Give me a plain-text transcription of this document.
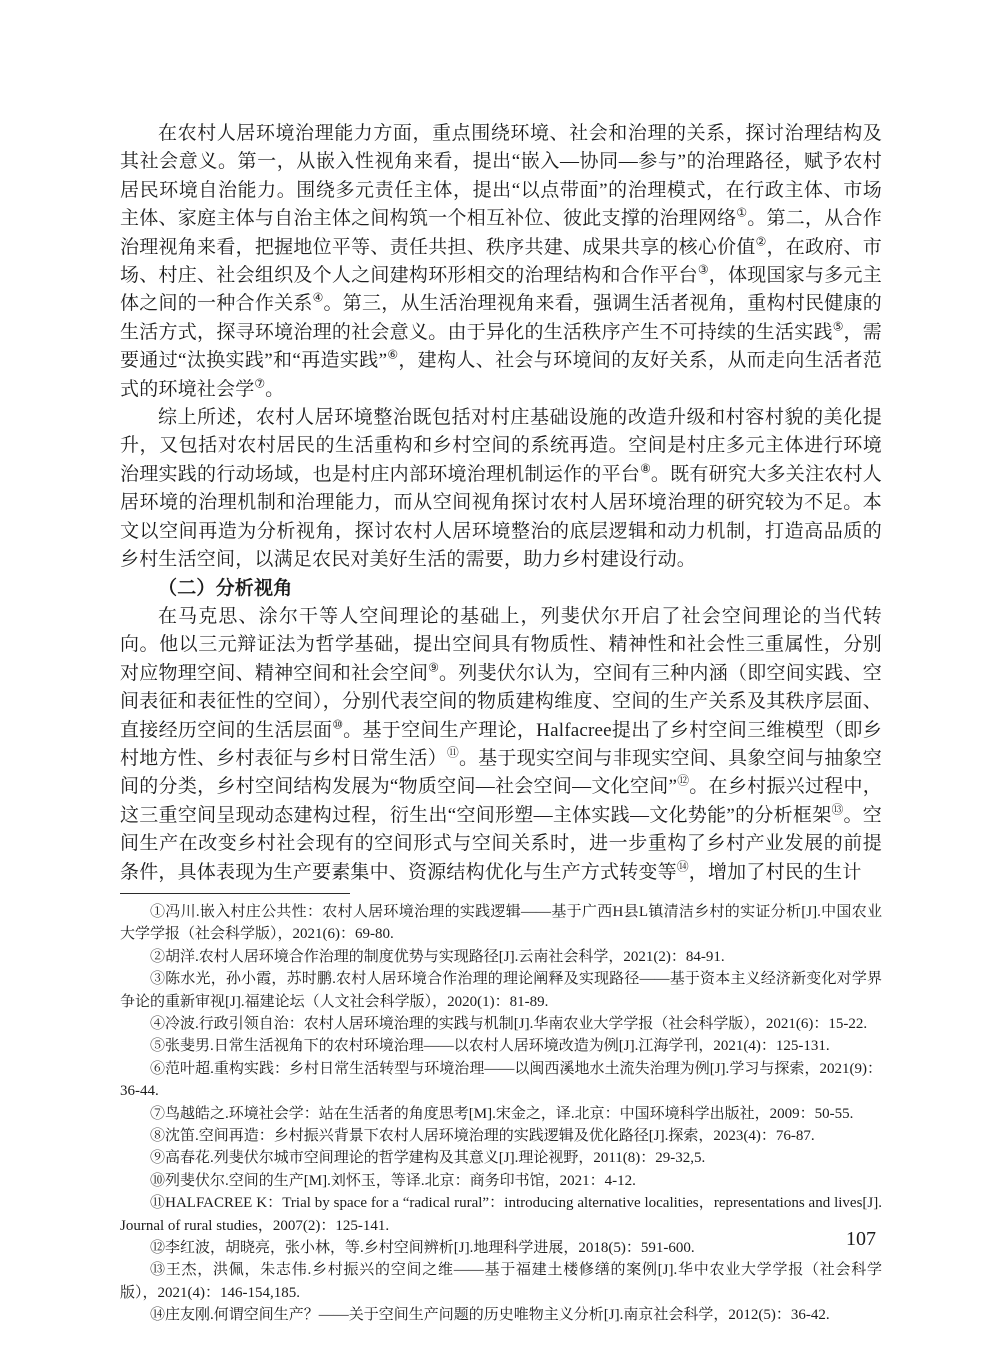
在农村人居环境治理能力方面，重点围绕环境、社会和治理的关系，探讨治理结构及其社会意义。第一，从嵌入性视角来看，提出“嵌入—协同—参与”的治理路径，赋予农村居民环境自治能力。围绕多元责任主体，提出“以点带面”的治理模式，在行政主体、市场主体、家庭主体与自治主体之间构筑一个相互补位、彼此支撑的治理网络①。第二，从合作治理视角来看，把握地位平等、责任共担、秩序共建、成果共享的核心价值②，在政府、市场、村庄、社会组织及个人之间建构环形相交的治理结构和合作平台③，体现国家与多元主体之间的一种合作关系④。第三，从生活治理视角来看，强调生活者视角，重构村民健康的生活方式，探寻环境治理的社会意义。由于异化的生活秩序产生不可持续的生活实践⑤，需要通过“汰换实践”和“再造实践”⑥，建构人、社会与环境间的友好关系，从而走向生活者范式的环境社会学⑦。

综上所述，农村人居环境整治既包括对村庄基础设施的改造升级和村容村貌的美化提升，又包括对农村居民的生活重构和乡村空间的系统再造。空间是村庄多元主体进行环境治理实践的行动场域，也是村庄内部环境治理机制运作的平台⑧。既有研究大多关注农村人居环境的治理机制和治理能力，而从空间视角探讨农村人居环境治理的研究较为不足。本文以空间再造为分析视角，探讨农村人居环境整治的底层逻辑和动力机制，打造高品质的乡村生活空间，以满足农民对美好生活的需要，助力乡村建设行动。

（二）分析视角

在马克思、涂尔干等人空间理论的基础上，列斐伏尔开启了社会空间理论的当代转向。他以三元辩证法为哲学基础，提出空间具有物质性、精神性和社会性三重属性，分别对应物理空间、精神空间和社会空间⑨。列斐伏尔认为，空间有三种内涵（即空间实践、空间表征和表征性的空间），分别代表空间的物质建构维度、空间的生产关系及其秩序层面、直接经历空间的生活层面⑩。基于空间生产理论，Halfacree提出了乡村空间三维模型（即乡村地方性、乡村表征与乡村日常生活）⑪。基于现实空间与非现实空间、具象空间与抽象空间的分类，乡村空间结构发展为“物质空间—社会空间—文化空间”⑫。在乡村振兴过程中，这三重空间呈现动态建构过程，衍生出“空间形塑—主体实践—文化势能”的分析框架⑬。空间生产在改变乡村社会现有的空间形式与空间关系时，进一步重构了乡村产业发展的前提条件，具体表现为生产要素集中、资源结构优化与生产方式转变等⑭，增加了村民的生计

①冯川.嵌入村庄公共性：农村人居环境治理的实践逻辑——基于广西H县L镇清洁乡村的实证分析[J].中国农业大学学报（社会科学版），2021(6)：69-80.

②胡洋.农村人居环境合作治理的制度优势与实现路径[J].云南社会科学，2021(2)：84-91.

③陈水光，孙小霞，苏时鹏.农村人居环境合作治理的理论阐释及实现路径——基于资本主义经济新变化对学界争论的重新审视[J].福建论坛（人文社会科学版），2020(1)：81-89.

④冷波.行政引领自治：农村人居环境治理的实践与机制[J].华南农业大学学报（社会科学版），2021(6)：15-22.

⑤张斐男.日常生活视角下的农村环境治理——以农村人居环境改造为例[J].江海学刊，2021(4)：125-131.

⑥范叶超.重构实践：乡村日常生活转型与环境治理——以闽西溪地水土流失治理为例[J].学习与探索，2021(9)：36-44.

⑦鸟越皓之.环境社会学：站在生活者的角度思考[M].宋金之，译.北京：中国环境科学出版社，2009：50-55.

⑧沈笛.空间再造：乡村振兴背景下农村人居环境治理的实践逻辑及优化路径[J].探索，2023(4)：76-87.

⑨高春花.列斐伏尔城市空间理论的哲学建构及其意义[J].理论视野，2011(8)：29-32,5.

⑩列斐伏尔.空间的生产[M].刘怀玉，等译.北京：商务印书馆，2021：4-12.

⑪HALFACREE K：Trial by space for a “radical rural”：introducing alternative localities，representations and lives[J]. Journal of rural studies，2007(2)：125-141.

⑫李红波，胡晓亮，张小林，等.乡村空间辨析[J].地理科学进展，2018(5)：591-600.

⑬王杰，洪佩，朱志伟.乡村振兴的空间之维——基于福建土楼修缮的案例[J].华中农业大学学报（社会科学版），2021(4)：146-154,185.

⑭庄友刚.何谓空间生产？——关于空间生产问题的历史唯物主义分析[J].南京社会科学，2012(5)：36-42.

107
